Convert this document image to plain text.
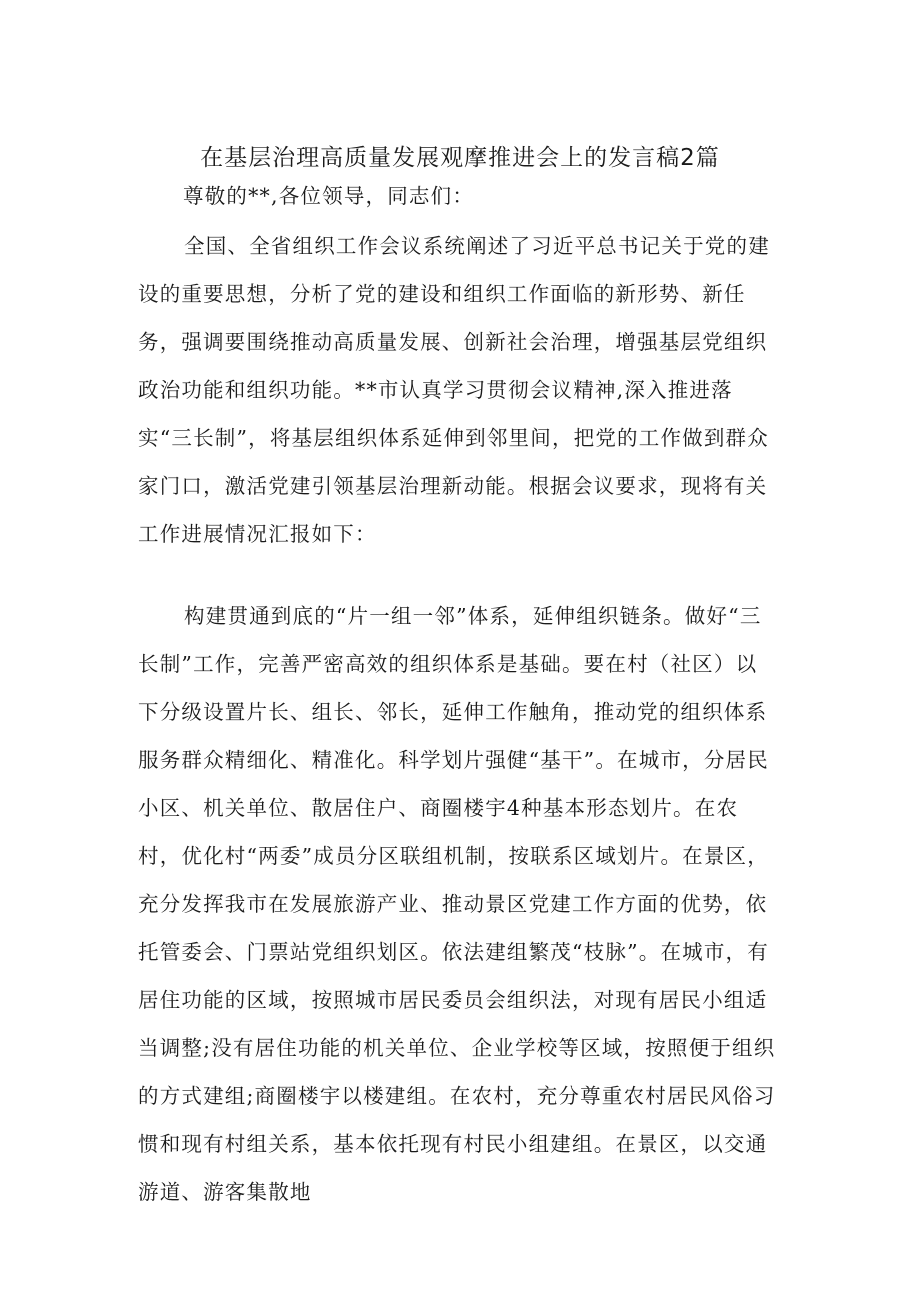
在基层治理高质量发展观摩推进会上的发言稿2篇

尊敬的**,各位领导，同志们：

全国、全省组织工作会议系统阐述了习近平总书记关于党的建设的重要思想，分析了党的建设和组织工作面临的新形势、新任务，强调要围绕推动高质量发展、创新社会治理，增强基层党组织政治功能和组织功能。**市认真学习贯彻会议精神,深入推进落实“三长制”，将基层组织体系延伸到邻里间，把党的工作做到群众家门口，激活党建引领基层治理新动能。根据会议要求，现将有关工作进展情况汇报如下：

构建贯通到底的“片一组一邻”体系，延伸组织链条。做好“三长制”工作，完善严密高效的组织体系是基础。要在村（社区）以下分级设置片长、组长、邻长，延伸工作触角，推动党的组织体系服务群众精细化、精准化。科学划片强健“基干”。在城市，分居民小区、机关单位、散居住户、商圈楼宇4种基本形态划片。在农村，优化村“两委”成员分区联组机制，按联系区域划片。在景区，充分发挥我市在发展旅游产业、推动景区党建工作方面的优势，依托管委会、门票站党组织划区。依法建组繁茂“枝脉”。在城市，有居住功能的区域，按照城市居民委员会组织法，对现有居民小组适当调整;没有居住功能的机关单位、企业学校等区域，按照便于组织的方式建组;商圈楼宇以楼建组。在农村，充分尊重农村居民风俗习惯和现有村组关系，基本依托现有村民小组建组。在景区，以交通游道、游客集散地
